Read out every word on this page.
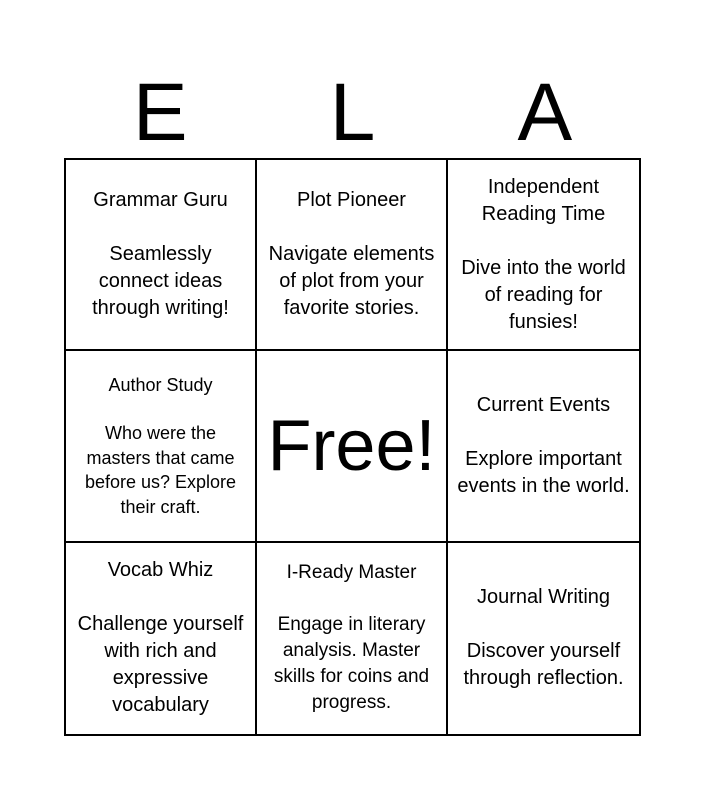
E	L	A
Grammar Guru
Seamlessly connect ideas through writing!
Plot Pioneer
Navigate elements of plot from your favorite stories.
Independent Reading Time
Dive into the world of reading for funsies!
Author Study
Who were the masters that came before us? Explore their craft.
Free!
Current Events
Explore important events in the world.
Vocab Whiz
Challenge yourself with rich and expressive vocabulary
I-Ready Master
Engage in literary analysis. Master skills for coins and progress.
Journal Writing
Discover yourself through reflection.
